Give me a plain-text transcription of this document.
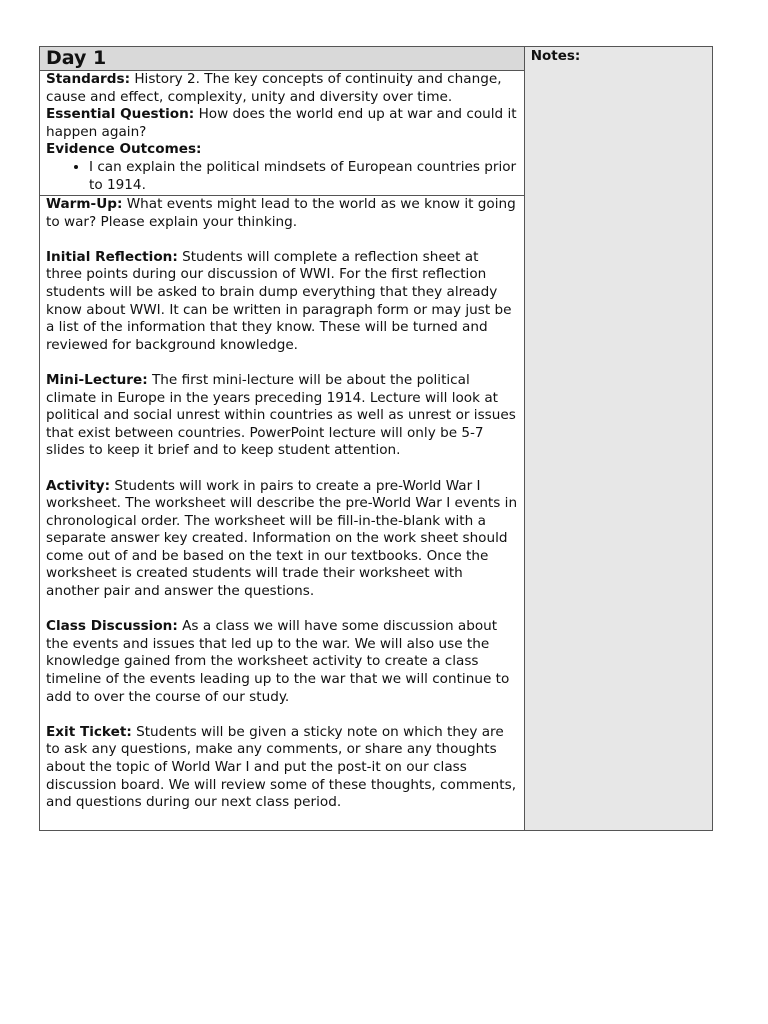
Day 1	Notes:

Standards: History 2. The key concepts of continuity and change, cause and effect, complexity, unity and diversity over time.

Essential Question: How does the world end up at war and could it happen again?

Evidence Outcomes:

• I can explain the political mindsets of European countries prior to 1914.

Warm-Up: What events might lead to the world as we know it going to war? Please explain your thinking.

Initial Reflection: Students will complete a reflection sheet at three points during our discussion of WWI. For the first reflection students will be asked to brain dump everything that they already know about WWI. It can be written in paragraph form or may just be a list of the information that they know. These will be turned and reviewed for background knowledge.

Mini-Lecture: The first mini-lecture will be about the political climate in Europe in the years preceding 1914. Lecture will look at political and social unrest within countries as well as unrest or issues that exist between countries. PowerPoint lecture will only be 5-7 slides to keep it brief and to keep student attention.

Activity: Students will work in pairs to create a pre-World War I worksheet. The worksheet will describe the pre-World War I events in chronological order. The worksheet will be fill-in-the-blank with a separate answer key created. Information on the work sheet should come out of and be based on the text in our textbooks. Once the worksheet is created students will trade their worksheet with another pair and answer the questions.

Class Discussion: As a class we will have some discussion about the events and issues that led up to the war. We will also use the knowledge gained from the worksheet activity to create a class timeline of the events leading up to the war that we will continue to add to over the course of our study.

Exit Ticket: Students will be given a sticky note on which they are to ask any questions, make any comments, or share any thoughts about the topic of World War I and put the post-it on our class discussion board. We will review some of these thoughts, comments, and questions during our next class period.
